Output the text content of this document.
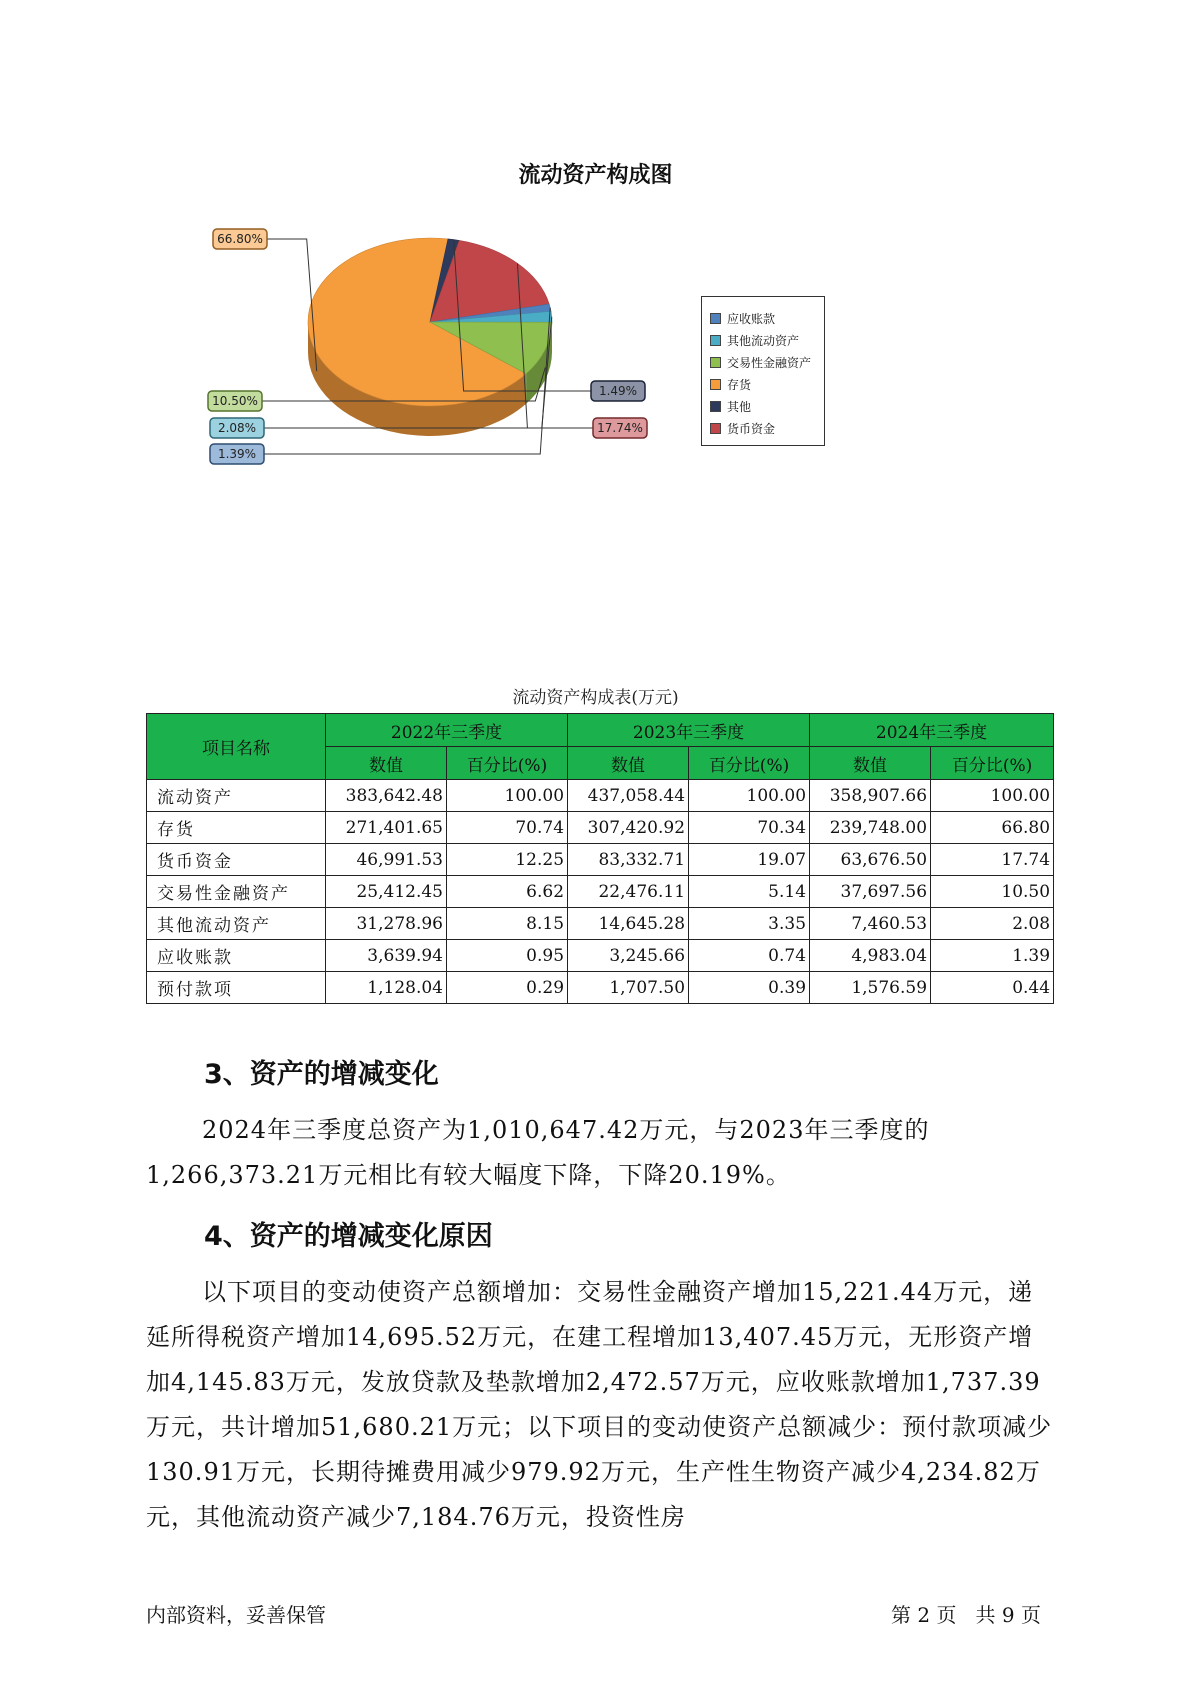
流动资产构成图
66.80%
1.49%
17.74%
1.39%
2.08%
10.50%
应收账款
其他流动资产
交易性金融资产
存货
其他
货币资金
流动资产构成表(万元)
项目名称	2022年三季度		2023年三季度		2024年三季度	
	数值	百分比(%)	数值	百分比(%)	数值	百分比(%)
流动资产	383,642.48	100.00	437,058.44	100.00	358,907.66	100.00
存货	271,401.65	70.74	307,420.92	70.34	239,748.00	66.80
货币资金	46,991.53	12.25	83,332.71	19.07	63,676.50	17.74
交易性金融资产	25,412.45	6.62	22,476.11	5.14	37,697.56	10.50
其他流动资产	31,278.96	8.15	14,645.28	3.35	7,460.53	2.08
应收账款	3,639.94	0.95	3,245.66	0.74	4,983.04	1.39
预付款项	1,128.04	0.29	1,707.50	0.39	1,576.59	0.44
3、资产的增减变化
2024年三季度总资产为1,010,647.42万元，与2023年三季度的1,266,373.21万元相比有较大幅度下降，下降20.19%。
4、资产的增减变化原因
以下项目的变动使资产总额增加：交易性金融资产增加15,221.44万元，递延所得税资产增加14,695.52万元，在建工程增加13,407.45万元，无形资产增加4,145.83万元，发放贷款及垫款增加2,472.57万元，应收账款增加1,737.39万元，共计增加51,680.21万元；以下项目的变动使资产总额减少：预付款项减少130.91万元，长期待摊费用减少979.92万元，生产性生物资产减少4,234.82万元，其他流动资产减少7,184.76万元，投资性房
内部资料，妥善保管	第 2 页   共 9 页
